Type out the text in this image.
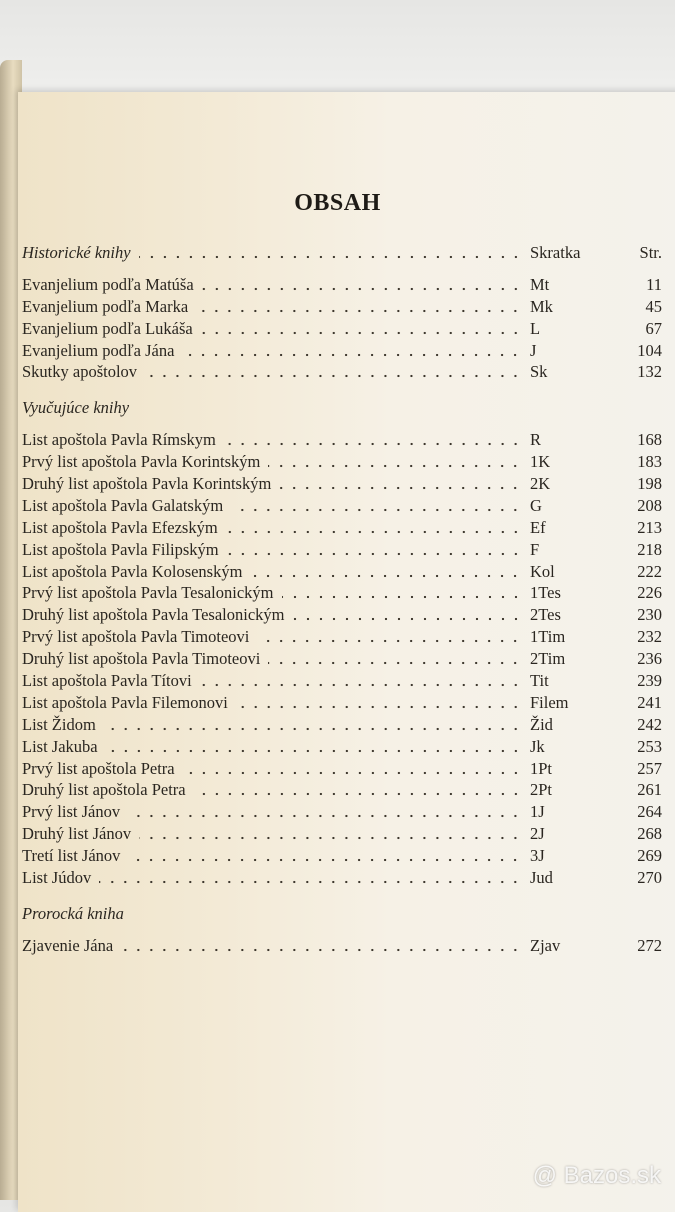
OBSAH
Historické knihy	Skratka	Str.
Evanjelium podľa Matúša	Mt	11
Evanjelium podľa Marka	Mk	45
Evanjelium podľa Lukáša	L	67
Evanjelium podľa Jána	J	104
Skutky apoštolov	Sk	132
Vyučujúce knihy
List apoštola Pavla Rímskym	R	168
Prvý list apoštola Pavla Korintským	1K	183
Druhý list apoštola Pavla Korintským	2K	198
List apoštola Pavla Galatským	G	208
List apoštola Pavla Efezským	Ef	213
List apoštola Pavla Filipským	F	218
List apoštola Pavla Kolosenským	Kol	222
Prvý list apoštola Pavla Tesalonickým	1Tes	226
Druhý list apoštola Pavla Tesalonickým	2Tes	230
Prvý list apoštola Pavla Timoteovi	1Tim	232
Druhý list apoštola Pavla Timoteovi	2Tim	236
List apoštola Pavla Títovi	Tit	239
List apoštola Pavla Filemonovi	Filem	241
List Židom	Žid	242
List Jakuba	Jk	253
Prvý list apoštola Petra	1Pt	257
Druhý list apoštola Petra	2Pt	261
Prvý list Jánov	1J	264
Druhý list Jánov	2J	268
Tretí list Jánov	3J	269
List Júdov	Jud	270
Prorocká kniha
Zjavenie Jána	Zjav	272
@ Bazos.sk
